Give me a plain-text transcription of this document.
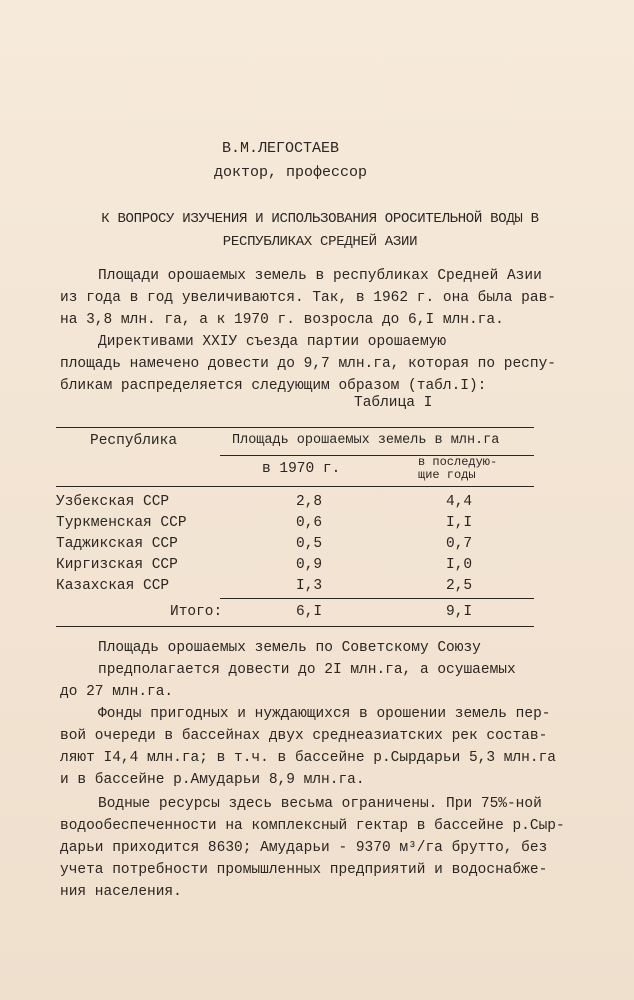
В.М.ЛЕГОСТАЕВ
доктор, профессор
К ВОПРОСУ ИЗУЧЕНИЯ И ИСПОЛЬЗОВАНИЯ ОРОСИТЕЛЬНОЙ ВОДЫ В РЕСПУБЛИКАХ СРЕДНЕЙ АЗИИ
Площади орошаемых земель в республиках Средней Азии
из года в год увеличиваются. Так, в 1962 г. она была рав-
на 3,8 млн. га, а к 1970 г. возросла до 6,I млн.га.
Директивами XXIУ съезда партии орошаемую
площадь намечено довести до 9,7 млн.га, которая по респу-
бликам распределяется следующим образом (табл.I):
Таблица I
Республика	Площадь орошаемых земель в млн.га
в 1970 г.	в последую-
щие годы
Узбекская ССР	2,8	4,4
Туркменская ССР	0,6	I,I
Таджикская ССР	0,5	0,7
Киргизская ССР	0,9	I,0
Казахская ССР	I,3	2,5
Итого:	6,I	9,I
Площадь орошаемых земель по Советскому Союзу
предполагается довести до 2I млн.га, а осушаемых
до 27 млн.га.
Фонды пригодных и нуждающихся в орошении земель пер-
вой очереди в бассейнах двух среднеазиатских рек состав-
ляют I4,4 млн.га; в т.ч. в бассейне р.Сырдарьи 5,3 млн.га
и в бассейне р.Амударьи 8,9 млн.га.
Водные ресурсы здесь весьма ограничены. При 75%-ной
водообеспеченности на комплексный гектар в бассейне р.Сыр-
дарьи приходится 8630; Амударьи - 9370 м³/га брутто, без
учета потребности промышленных предприятий и водоснабже-
ния населения.
